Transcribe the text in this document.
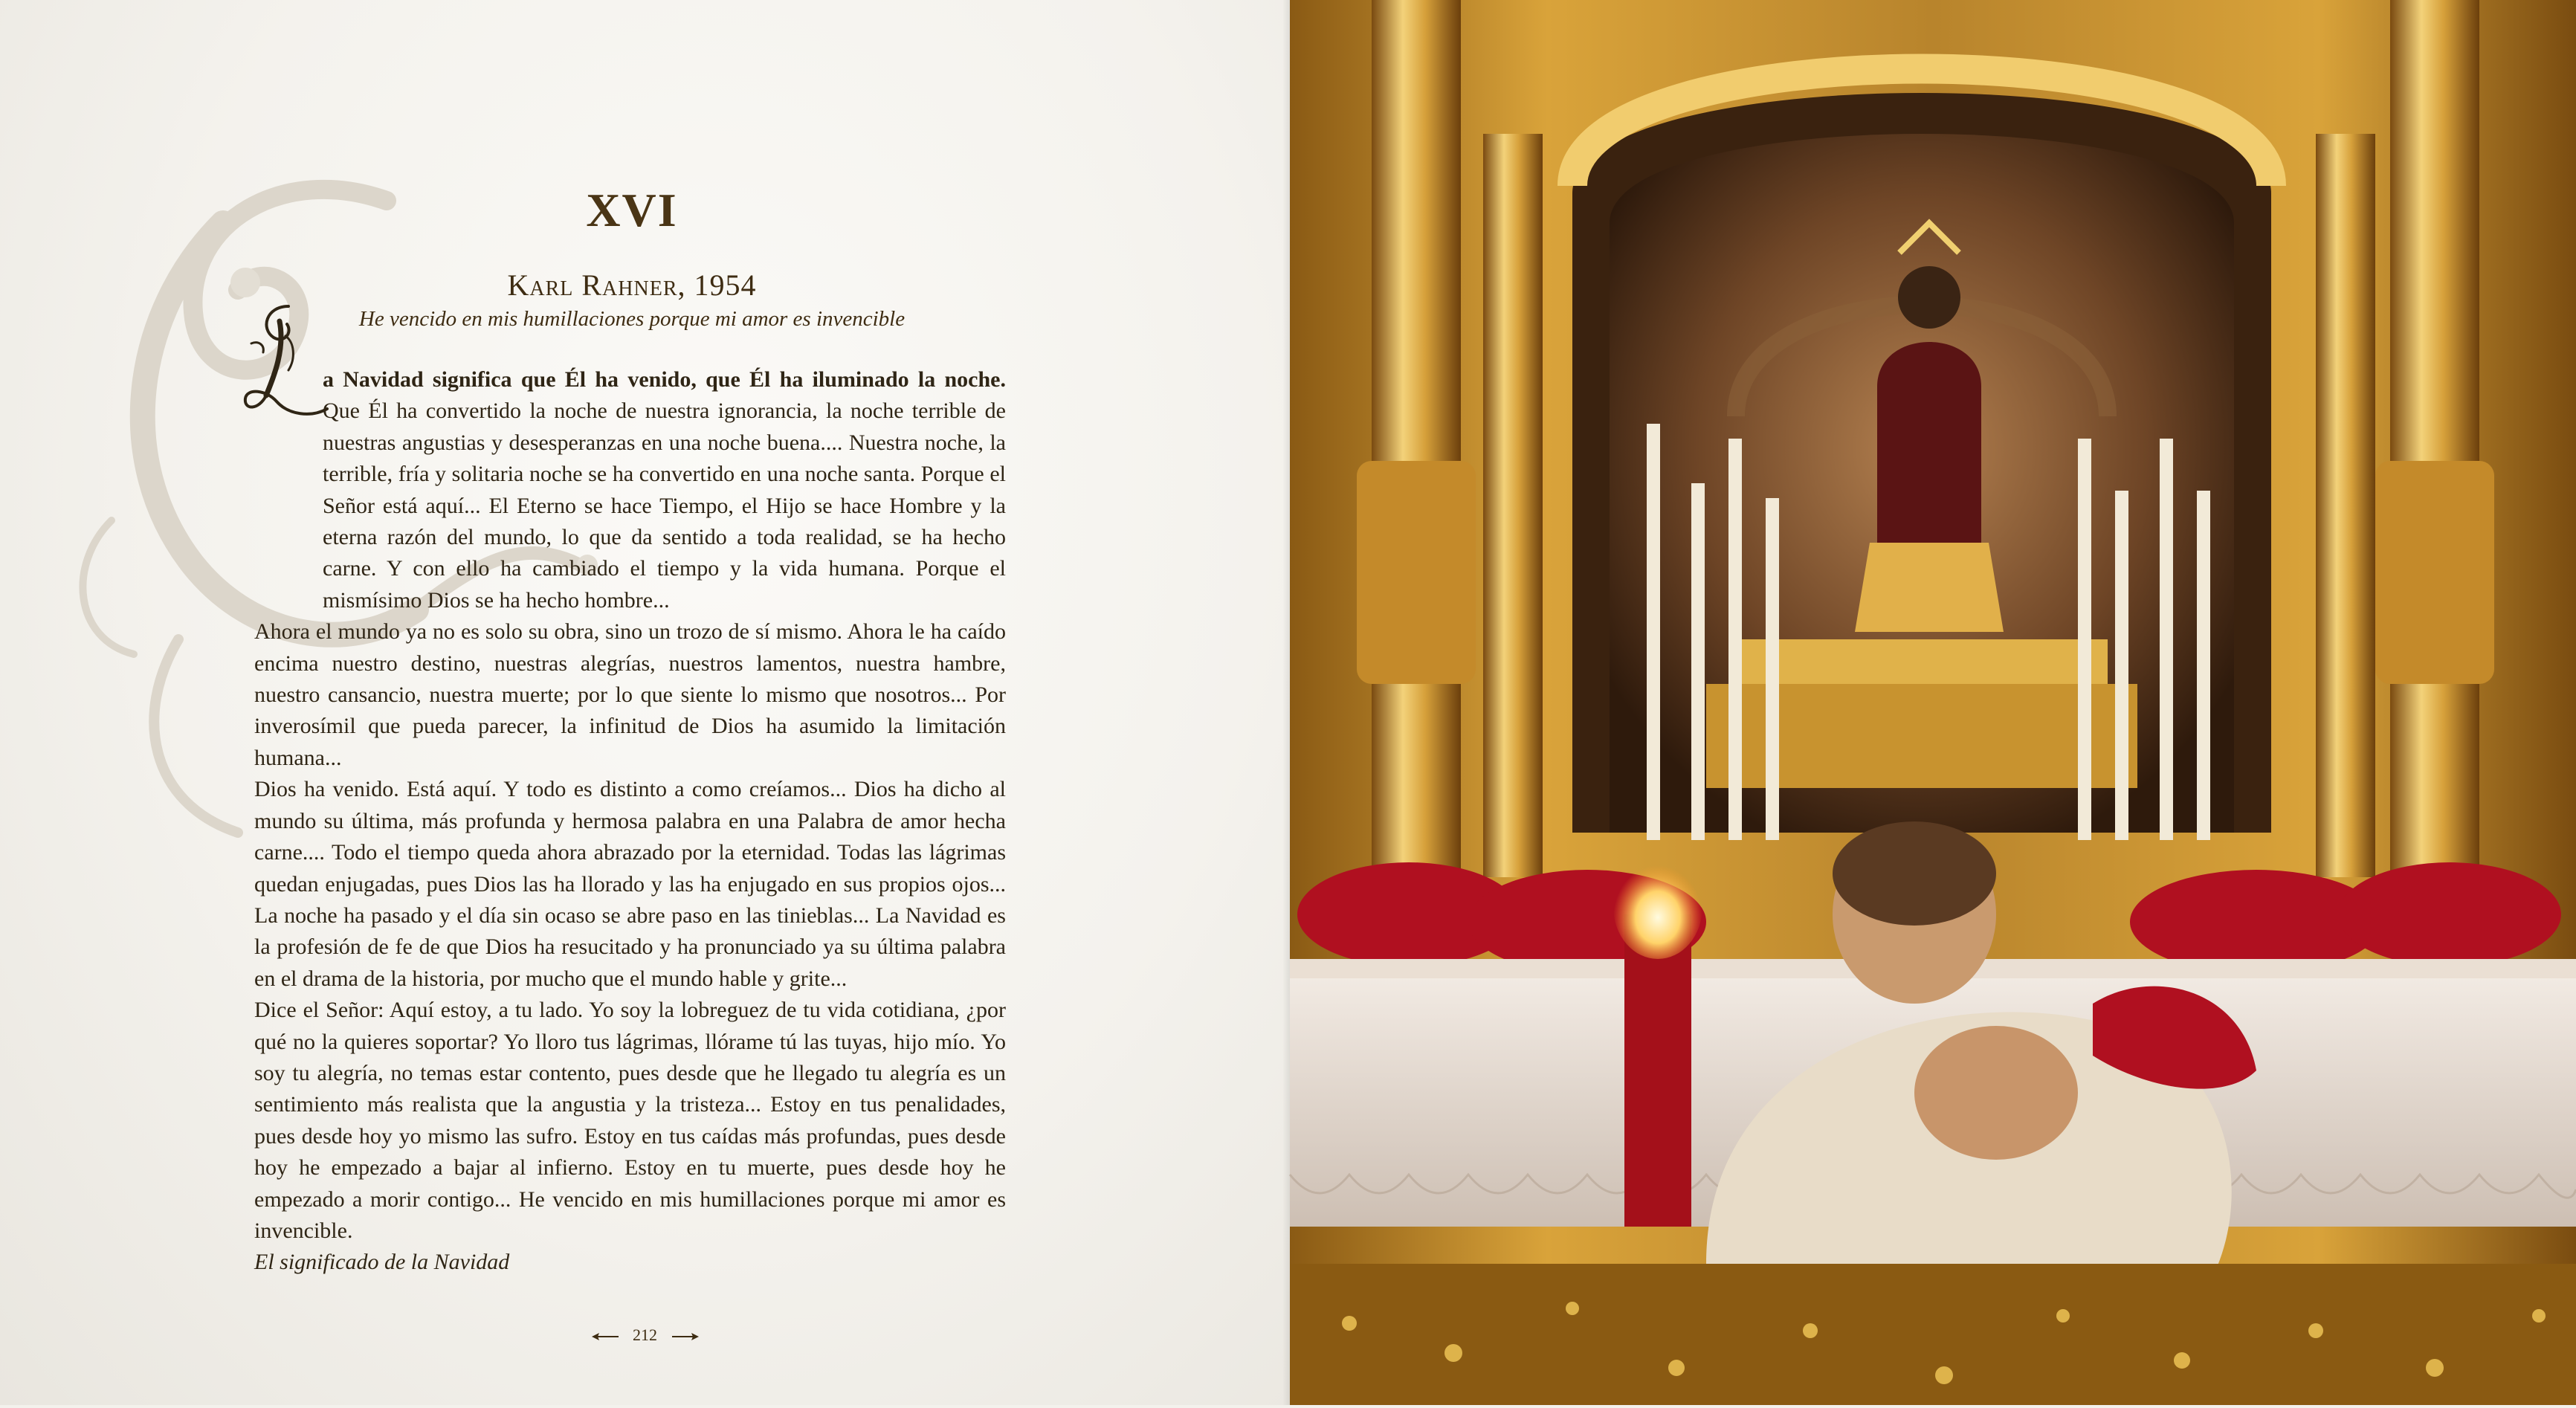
XVI
Karl Rahner, 1954
He vencido en mis humillaciones porque mi amor es invencible

a Navidad significa que Él ha venido, que Él ha iluminado la noche. Que Él ha convertido la noche de nuestra ignorancia, la noche terrible de nuestras angustias y desesperanzas en una noche buena.... Nuestra noche, la terrible, fría y solitaria noche se ha convertido en una noche santa. Porque el Señor está aquí... El Eterno se hace Tiempo, el Hijo se hace Hombre y la eterna razón del mundo, lo que da sentido a toda realidad, se ha hecho carne. Y con ello ha cambiado el tiempo y la vida humana. Porque el mismísimo Dios se ha hecho hombre...

Ahora el mundo ya no es solo su obra, sino un trozo de sí mismo. Ahora le ha caído encima nuestro destino, nuestras alegrías, nuestros lamentos, nuestra hambre, nuestro cansancio, nuestra muerte; por lo que siente lo mismo que nosotros... Por inverosímil que pueda parecer, la infinitud de Dios ha asumido la limitación humana...

Dios ha venido. Está aquí. Y todo es distinto a como creíamos... Dios ha dicho al mundo su última, más profunda y hermosa palabra en una Palabra de amor hecha carne.... Todo el tiempo queda ahora abrazado por la eternidad. Todas las lágrimas quedan enjugadas, pues Dios las ha llorado y las ha enjugado en sus propios ojos... La noche ha pasado y el día sin ocaso se abre paso en las tinieblas... La Navidad es la profesión de fe de que Dios ha resucitado y ha pronunciado ya su última palabra en el drama de la historia, por mucho que el mundo hable y grite...

Dice el Señor: Aquí estoy, a tu lado. Yo soy la lobreguez de tu vida cotidiana, ¿por qué no la quieres soportar? Yo lloro tus lágrimas, llórame tú las tuyas, hijo mío. Yo soy tu alegría, no temas estar contento, pues desde que he llegado tu alegría es un sentimiento más realista que la angustia y la tristeza... Estoy en tus penalidades, pues desde hoy yo mismo las sufro. Estoy en tus caídas más profundas, pues desde hoy he empezado a bajar al infierno. Estoy en tu muerte, pues desde hoy he empezado a morir contigo... He vencido en mis humillaciones porque mi amor es invencible.

El significado de la Navidad

212
